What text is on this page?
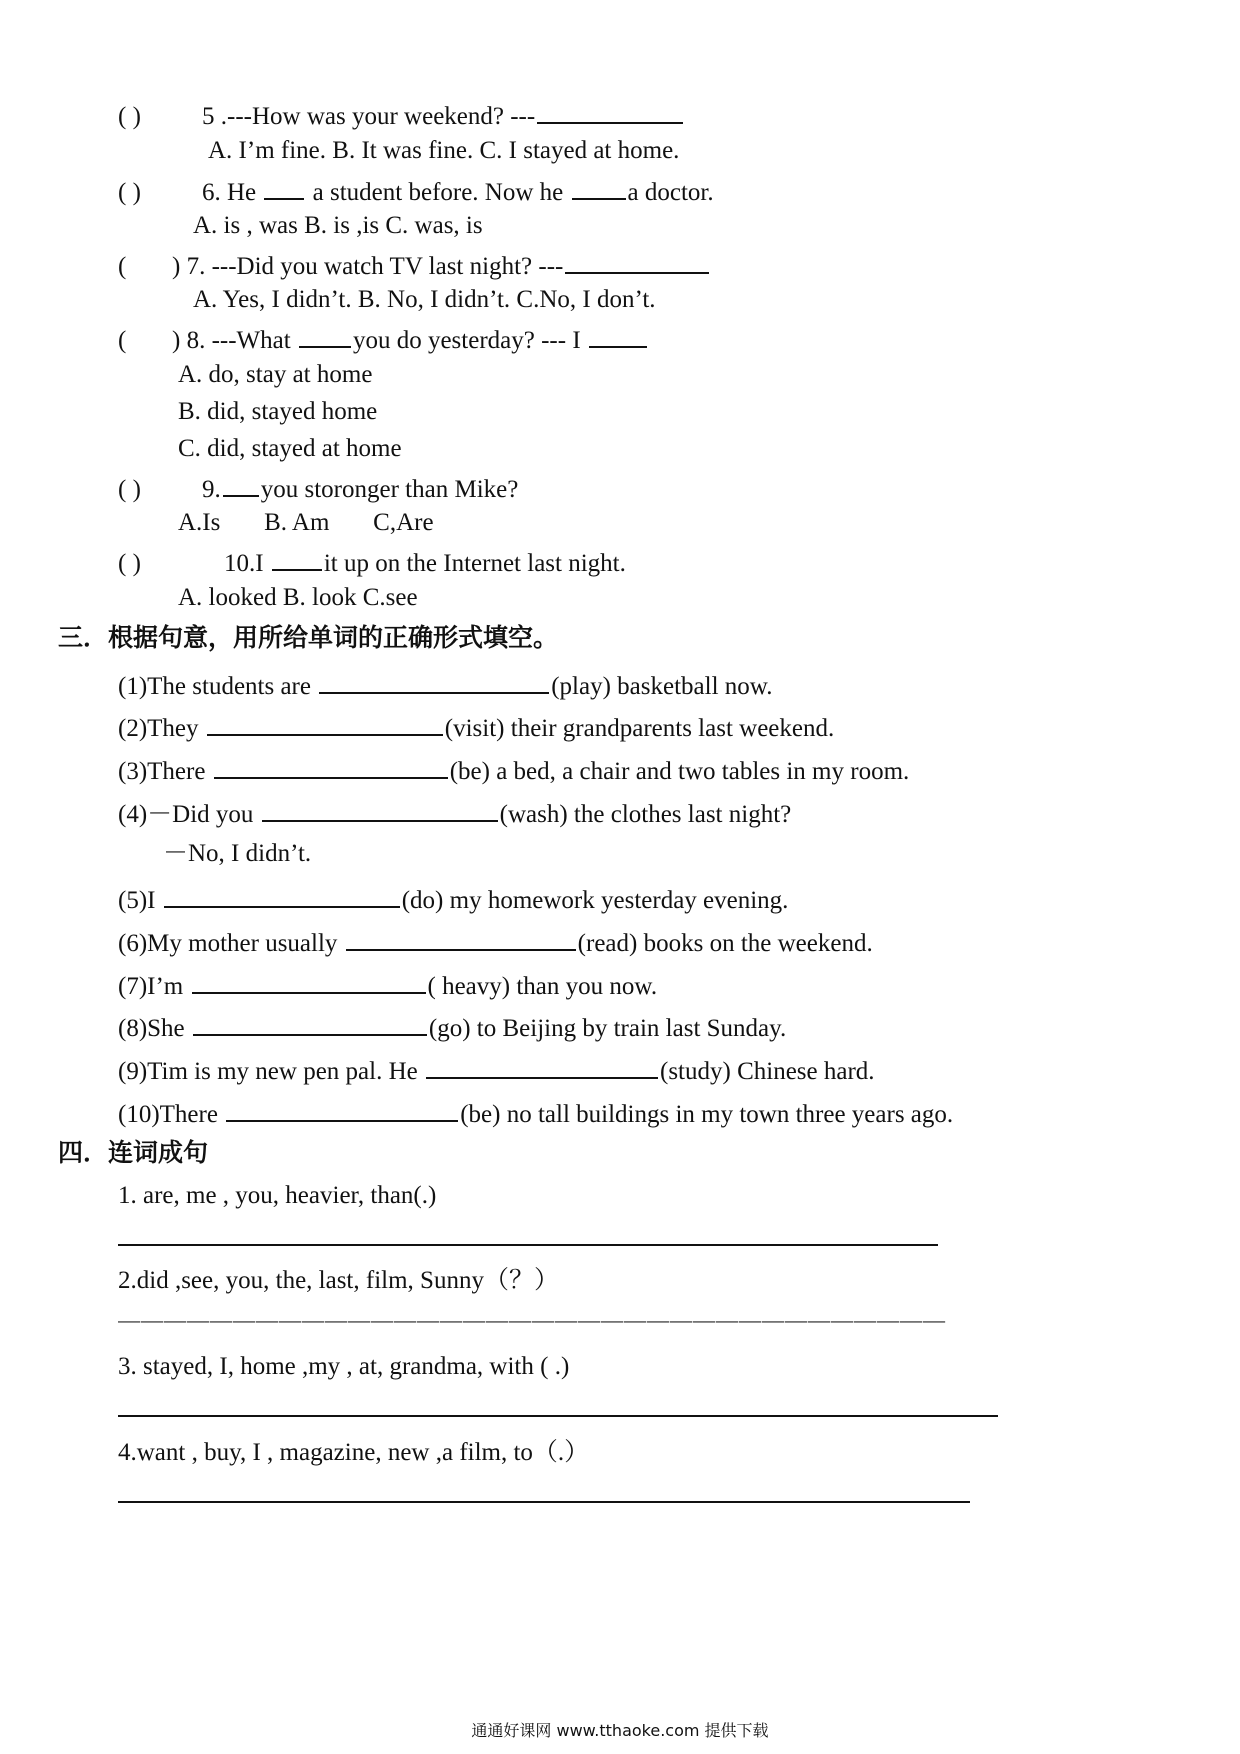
( ) 5 .---How was your weekend? ---
A. I’m fine. B. It was fine. C. I stayed at home.
( ) 6. He  a student before. Now he a doctor.
A. is , was B. is ,is C. was, is
() 7. ---Did you watch TV last night? ---
A. Yes, I didn’t. B. No, I didn’t. C.No, I don’t.
() 8. ---What you do yesterday? --- I
A. do, stay at home
B. did, stayed home
C. did, stayed at home
( ) 9. you storonger than Mike?
A.Is       B. Am       C,Are
( )	10.I it up on the Internet last night.
A. looked B. look C.see
三．根据句意，用所给单词的正确形式填空。
(1)The students are	(play) basketball now.
(2)They	(visit) their grandparents last weekend.
(3)There	(be) a bed, a chair and two tables in my room.
(4)－Did you	(wash) the clothes last night?
－No, I didn’t.
(5)I	(do) my homework yesterday evening.
(6)My mother usually	(read) books on the weekend.
(7)I’m	( heavy) than you now.
(8)She	(go) to Beijing by train last Sunday.
(9)Tim is my new pen pal. He	(study) Chinese hard.
(10)There	(be) no tall buildings in my town three years ago.
四．连词成句
1. are, me , you, heavier, than(.)
2.did ,see, you, the, last, film, Sunny（？）
————————————————————————————————————
3. stayed, I, home ,my , at, grandma, with ( .)
4.want , buy, I , magazine, new ,a film, to（.）
通通好课网 www.tthaoke.com 提供下载
